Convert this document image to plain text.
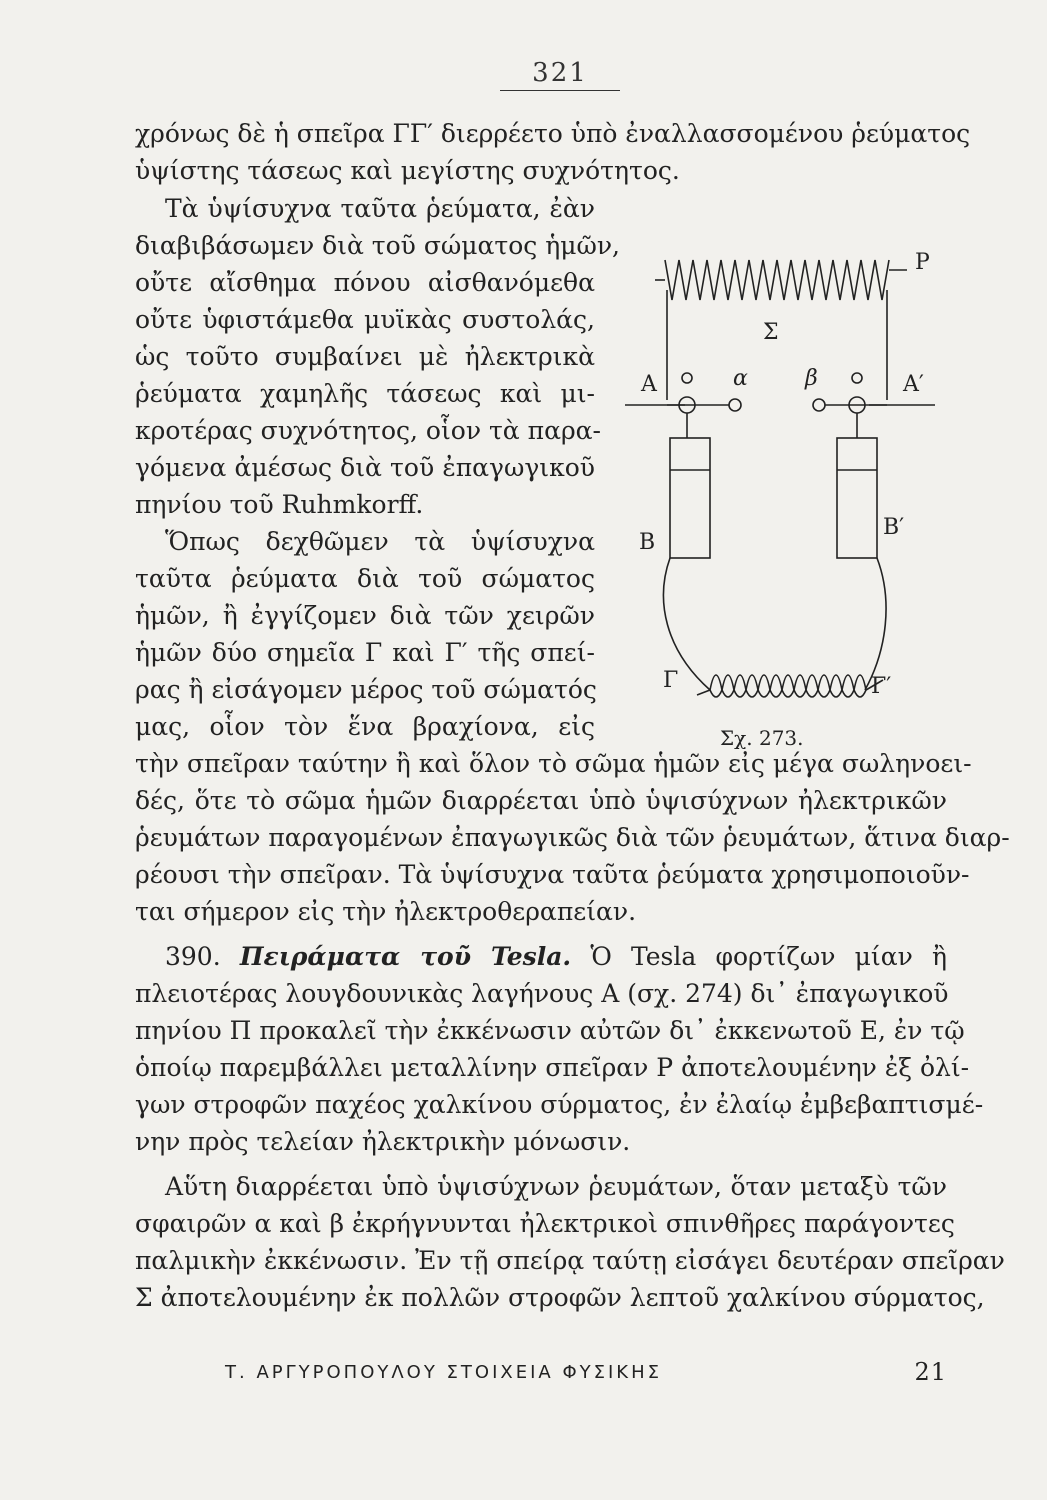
321
χρόνως δὲ ἡ σπεῖρα ΓΓ′ διερρέετο ὑπὸ ἐναλλασσομένου ῥεύματος
ὑψίστης τάσεως καὶ μεγίστης συχνότητος.
Τὰ ὑψίσυχνα ταῦτα ῥεύματα, ἐὰν
διαβιβάσωμεν διὰ τοῦ σώματος ἡμῶν,
οὔτε αἴσθημα πόνου αἰσθανόμεθα
οὔτε ὑφιστάμεθα μυϊκὰς συστολάς,
ὡς τοῦτο συμβαίνει μὲ ἠλεκτρικὰ
ῥεύματα χαμηλῆς τάσεως καὶ μι-
κροτέρας συχνότητος, οἷον τὰ παρα-
γόμενα ἀμέσως διὰ τοῦ ἐπαγωγικοῦ
πηνίου τοῦ Ruhmkorff.
Ὅπως δεχθῶμεν τὰ ὑψίσυχνα
ταῦτα ῥεύματα διὰ τοῦ σώματος
ἡμῶν, ἢ ἐγγίζομεν διὰ τῶν χειρῶν
ἡμῶν δύο σημεῖα Γ καὶ Γ′ τῆς σπεί-
ρας ἢ εἰσάγομεν μέρος τοῦ σώματός
μας, οἷον τὸν ἕνα βραχίονα, εἰς
τὴν σπεῖραν ταύτην ἢ καὶ ὅλον τὸ σῶμα ἡμῶν εἰς μέγα σωληνοει-
δές, ὅτε τὸ σῶμα ἡμῶν διαρρέεται ὑπὸ ὑψισύχνων ἠλεκτρικῶν
ῥευμάτων παραγομένων ἐπαγωγικῶς διὰ τῶν ῥευμάτων, ἅτινα διαρ-
ρέουσι τὴν σπεῖραν. Τὰ ὑψίσυχνα ταῦτα ῥεύματα χρησιμοποιοῦν-
ται σήμερον εἰς τὴν ἠλεκτροθεραπείαν.
390. Πειράματα τοῦ Tesla. Ὁ Tesla φορτίζων μίαν ἢ
πλειοτέρας λουγδουνικὰς λαγήνους Α (σχ. 274) δι᾽ ἐπαγωγικοῦ
πηνίου Π προκαλεῖ τὴν ἐκκένωσιν αὐτῶν δι᾽ ἐκκενωτοῦ Ε, ἐν τῷ
ὁποίῳ παρεμβάλλει μεταλλίνην σπεῖραν Ρ ἀποτελουμένην ἐξ ὀλί-
γων στροφῶν παχέος χαλκίνου σύρματος, ἐν ἐλαίῳ ἐμβεβαπτισμέ-
νην πρὸς τελείαν ἠλεκτρικὴν μόνωσιν.
Αὕτη διαρρέεται ὑπὸ ὑψισύχνων ῥευμάτων, ὅταν μεταξὺ τῶν
σφαιρῶν α καὶ β ἐκρήγνυνται ἠλεκτρικοὶ σπινθῆρες παράγοντες
παλμικὴν ἐκκένωσιν. Ἐν τῇ σπείρᾳ ταύτῃ εἰσάγει δευτέραν σπεῖραν
Σ ἀποτελουμένην ἐκ πολλῶν στροφῶν λεπτοῦ χαλκίνου σύρματος,
P
Σ
A	A′
α	β
B
B′
Γ	Γ′
Σχ. 273.
Τ. ΑΡΓΥΡΟΠΟΥΛΟΥ ΣΤΟΙΧΕΙΑ ΦΥΣΙΚΗΣ	21
